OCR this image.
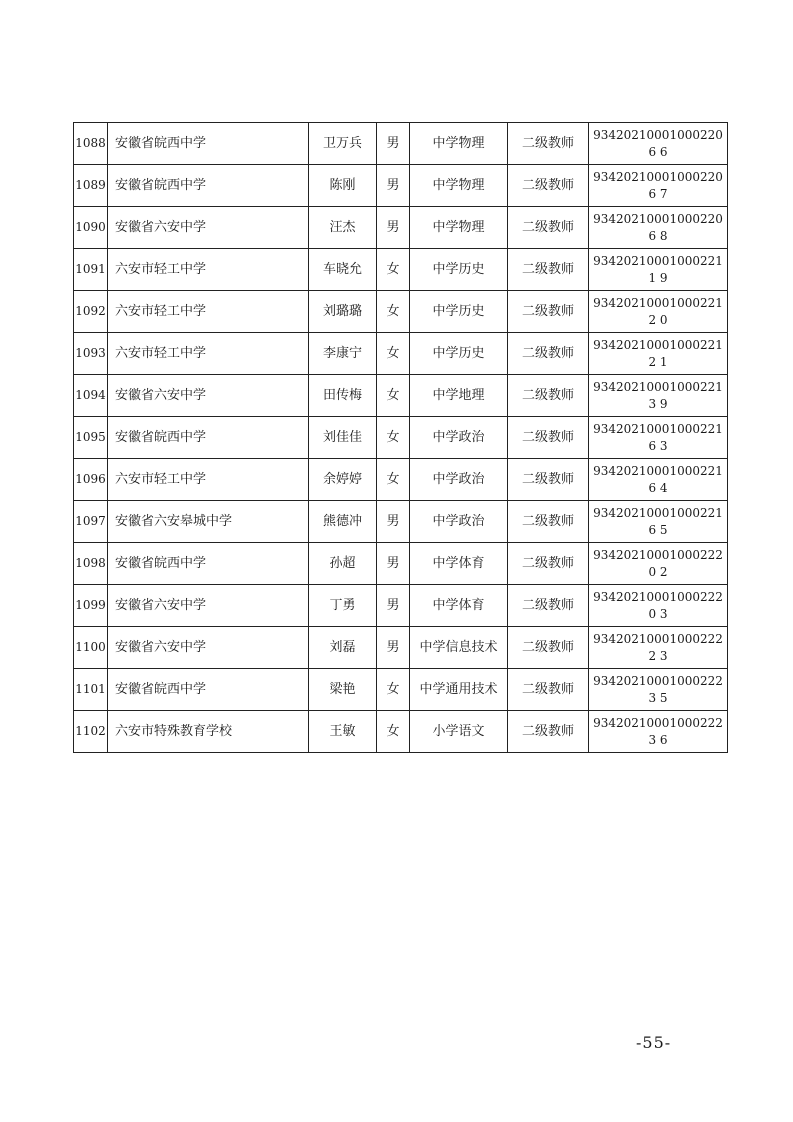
1088	安徽省皖西中学	卫万兵	男	中学物理	二级教师	934202100010002206 6
1089	安徽省皖西中学	陈刚	男	中学物理	二级教师	934202100010002206 7
1090	安徽省六安中学	汪杰	男	中学物理	二级教师	934202100010002206 8
1091	六安市轻工中学	车晓允	女	中学历史	二级教师	934202100010002211 9
1092	六安市轻工中学	刘璐璐	女	中学历史	二级教师	934202100010002212 0
1093	六安市轻工中学	李康宁	女	中学历史	二级教师	934202100010002212 1
1094	安徽省六安中学	田传梅	女	中学地理	二级教师	934202100010002213 9
1095	安徽省皖西中学	刘佳佳	女	中学政治	二级教师	934202100010002216 3
1096	六安市轻工中学	余婷婷	女	中学政治	二级教师	934202100010002216 4
1097	安徽省六安皋城中学	熊德冲	男	中学政治	二级教师	934202100010002216 5
1098	安徽省皖西中学	孙超	男	中学体育	二级教师	934202100010002220 2
1099	安徽省六安中学	丁勇	男	中学体育	二级教师	934202100010002220 3
1100	安徽省六安中学	刘磊	男	中学信息技术	二级教师	934202100010002222 3
1101	安徽省皖西中学	梁艳	女	中学通用技术	二级教师	934202100010002223 5
1102	六安市特殊教育学校	王敏	女	小学语文	二级教师	934202100010002223 6
-55-
